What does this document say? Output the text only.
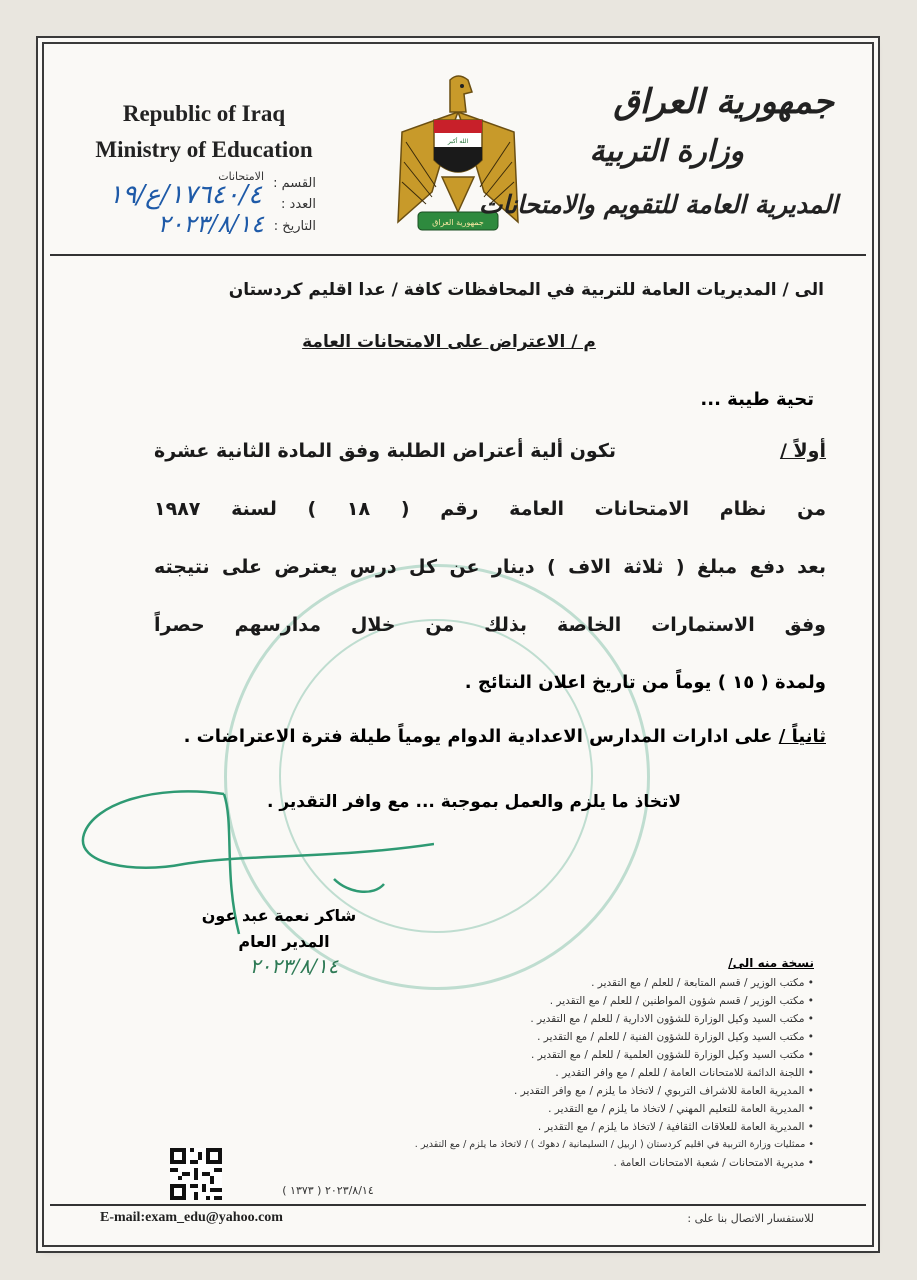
Republic of Iraq
Ministry of Education
القسم :
الامتحانات
العدد :
١٧٦٤٠/٤/ع/١٩
التاريخ :
٢٠٢٣/٨/١٤
الله أكبر
جمهورية العراق
جمهورية العراق
وزارة التربية
المديرية العامة للتقويم والامتحانات
الى / المديريات العامة للتربية في المحافظات كافة / عدا اقليم كردستان
م / الاعتراض على الامتحانات العامة
تحية طيبة ...
أولاً /
تكون ألية أعتراض الطلبة وفق المادة الثانية عشرة
من نظام الامتحانات العامة رقم ( ١٨ ) لسنة ١٩٨٧
بعد دفع مبلغ ( ثلاثة الاف ) دينار عن كل درس يعترض على نتيجته
وفق الاستمارات الخاصة بذلك من خلال مدارسهم حصراً
ولمدة ( ١٥ ) يوماً من تاريخ اعلان النتائج .
ثانياً / على ادارات المدارس الاعدادية الدوام يومياً طيلة فترة الاعتراضات .
لاتخاذ ما يلزم والعمل بموجبة ... مع وافر التقدير .
شاكر نعمة عبد عون
المدير العام
٢٠٢٣/٨/١٤	نسخة منه الى/
• مكتب الوزير / قسم المتابعة / للعلم / مع التقدير .
• مكتب الوزير / قسم شؤون المواطنين / للعلم / مع التقدير .
• مكتب السيد وكيل الوزارة للشؤون الادارية / للعلم / مع التقدير .
• مكتب السيد وكيل الوزارة للشؤون الفنية / للعلم / مع التقدير .
• مكتب السيد وكيل الوزارة للشؤون العلمية / للعلم / مع التقدير .
• اللجنة الدائمة للامتحانات العامة / للعلم / مع وافر التقدير .
• المديرية العامة للاشراف التربوي / لاتخاذ ما يلزم / مع وافر التقدير .
• المديرية العامة للتعليم المهني / لاتخاذ ما يلزم / مع التقدير .
• المديرية العامة للعلاقات الثقافية / لاتخاذ ما يلزم / مع التقدير .
• ممثليات وزارة التربية في اقليم كردستان ( اربيل / السليمانية / دهوك ) / لاتخاذ ما يلزم / مع التقدير .
• مديرية الامتحانات / شعبة الامتحانات العامة .
٢٠٢٣/٨/١٤ ( ١٣٧٣ )
E-mail:exam_edu@yahoo.com	للاستفسار الاتصال بنا على :
